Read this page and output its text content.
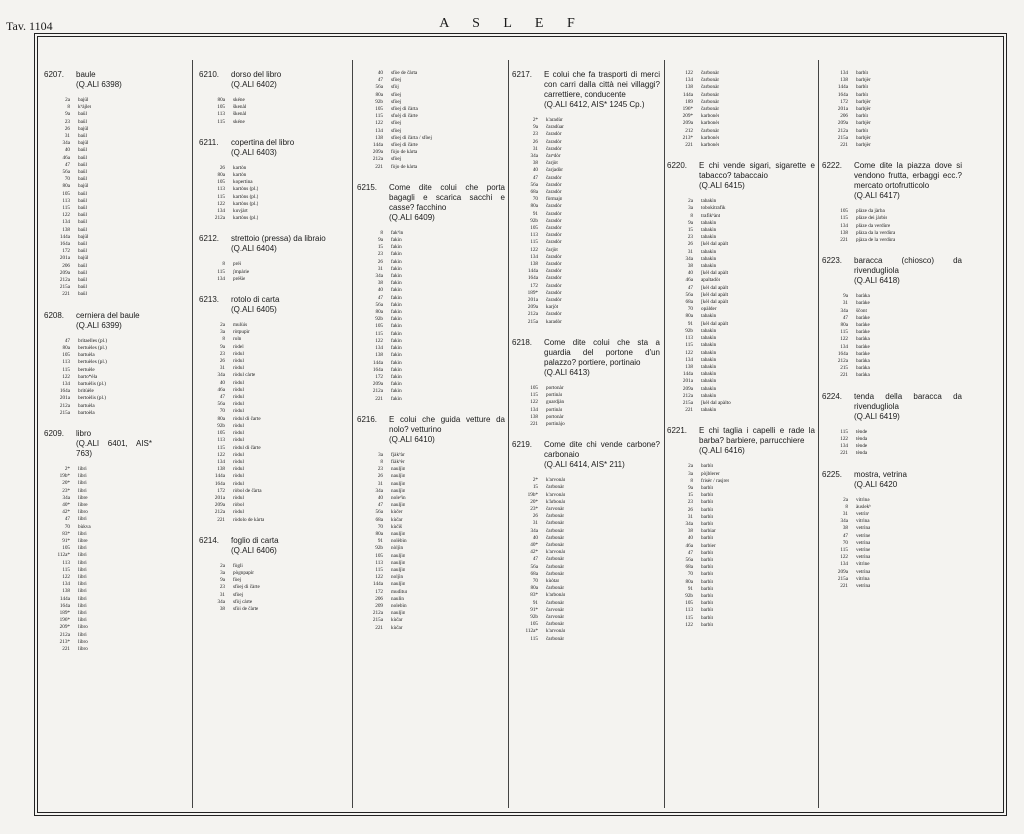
Tav. 1104	A S L E F
6207.	baule
(Q.ALI 6398)
2a	bajül
8	kᵇàjler
9a	baûl
23	baûl
26	bajül
31	baûl
34a	bajül
40	baûl
46a	baûl
47	baûl
56a	baûl
70	baûl
80a	bajül
105	baûl
113	baûl
115	baûl
122	baûl
134	baûl
138	baûl
144a	bajül
164a	baûl
172	baûl
201a	bajül
206	baûl
209a	baûl
212a	baûl
215a	baûl
221	baûl
6208.	cerniera del baule
(Q.ALI 6399)
47	britaelles (pl.)
80a	bertuèles (pl.)
105	bartuèla
113	bertuèles (pl.)
115	bertuèle
122	barto*èla
134	bartuèlis (pl.)
164a	britùèle
201a	bertoèlis (pl.)
212a	bartuèla
215a	bartoèla
6209.	libro
(Q.ALI 6401, AIS* 763)
2*	libri
19b*	libri
20*	libri
23*	libri
34a	libre
40*	libre
42*	libro
47	libri
70	bùkva
83*	libri
91*	libre
105	libri
112a*	libri
113	libri
115	libri
122	libri
134	libri
138	libri
144a	libri
164a	libri
189*	libri
196*	libri
209*	libro
212a	libri
213*	libro
221	libro
6210.	dorso del libro
(Q.ALI 6402)
80a	skéne
105	škenàl
113	škenàl
115	skéne
6211.	copertina del libro
(Q.ALI 6403)
26	kartòn
80a	kartòn
105	kopertina
113	kartòns (pl.)
115	kartòns (pl.)
122	kartòns (pl.)
134	kuvjàrt
212a	kartòns (pl.)
6212.	strettoio (pressa) da libraio
(Q.ALI 6404)
8	préi
115	ʃmpàrie
134	préšie
6213.	rotolo di carta
(Q.ALI 6405)
2a	mulùis
3a	ròtpupìr
8	roln
9a	ròdel
23	ròdul
26	ròdul
31	ròdul
34a	ròdul càrte
40	ròdul
46a	ròdul
47	ròdul
56a	ròdul
70	ròdul
80a	ròdul di čarte
92b	ròdul
105	ròdul
113	ròdul
115	ròdul di čàrte
122	ròdul
134	ròdul
138	ròdul
144a	ròdul
164a	ròdul
172	ròbol de čàrta
201a	ròdul
209a	ròbol
212a	ròdul
221	ròdolo de kàrta
6214.	foglio di carta
(Q.ALI 6406)
2a	fògli
3a	pògnpapìr
9a	fòej
23	sfòej di čàrte
31	sfòej
34a	sfòj càrte
38	sfòi de čàrte
40	sfòe de čàrta
47	sfòej
56a	sfòj
80a	sfòej
92b	sfòej
105	sfòej di čàrta
115	sfuèj di čàrte
122	sfòej
134	sfòej
138	sfòej di čàrta / sfòej
144a	sfòej di čàrte
209a	fòjo de kàrta
212a	sfòej
221	fòjo de kàrta
6215.	Come dite colui che porta bagagli e scarica sacchi e casse? facchino
(Q.ALI 6409)
8	fakᵇìn
9a	fakìn
15	fakìn
23	fakìn
26	fakìn
31	fakìn
34a	fakìn
38	fakìn
40	fakìn
47	fakìn
56a	fakìn
80a	fakìn
92b	fakìn
105	fakìn
115	fakìn
122	fakìn
134	fakìn
138	fakìn
144a	fakìn
164a	fakìn
172	fakìn
209a	fakìn
212a	fakìn
221	fakìn
6216.	E colui che guida vetture da nolo? vetturino
(Q.ALI 6410)
3a	fjàkᵇàr
8	fiàkᵇèr
23	nauljìn
26	nauljìn
31	nauljìn
34a	nauljìn
40	noleᵈìn
47	nauljìn
56a	kùčer
68a	kùčar
70	kùčiš
80a	nauljìn
91	nolèbìn
92b	nòljìn
105	nauljìn
113	nauljìn
115	nauljìn
122	noljìn
144a	nauljìn
172	mudìtur
206	naulìn
209	nolebìn
212a	nauljìn
215a	kùčar
221	kùčar
6217.	E colui che fa trasporti di merci con carri dalla città nei villaggi? carrettiere, conducente
(Q.ALI 6412, AIS* 1245 Cp.)
2*	k'aradùr
9a	čaradùar
23	čaradòr
26	čaradòr
31	čaradòr
34a	čarᵉdòr
38	čarjòt
40	čarjadòr
47	čaradòr
56a	čaradòr
68a	čaradòr
70	fòrmajn
80a	čaradòr
91	čaradòr
92b	čaradòr
105	čaradòr
113	čaradòr
115	čaradòr
122	čarjòt
134	čaradòr
138	čaradòr
144a	čaradòr
164a	čaradòr
172	čaradòr
189*	čaradòr
201a	čaradòr
209a	karjòt
212a	čaradòr
215a	karadòr
6218.	Come dite colui che sta a guardia del portone d'un palazzo? portiere, portinaio
(Q.ALI 6413)
105	portonàr
115	portinàr
122	guardjàn
134	portinàr
138	portonàr
221	portinàjo
6219.	Come dite chi vende carbone? carbonaio
(Q.ALI 6414, AIS* 211)
2*	k'arvonàr
15	čarbonàr
19b*	k'arvonàr
20*	k'àrbonàr
23*	čarvonàr
26	čarbonàr
31	čarbonàr
34a	čarbonàr
40	čarbonàr
40*	čarbonàr
42*	k'arvonàr
47	čarbonàr
56a	čarbonàr
68a	čarbonàr
70	kùòtar
80a	čarbonàr
83*	k'arbonàr
91	čarbonàr
91*	čarvonàr
92b	čarvonàr
105	čarbonàr
112a*	k'arvonàr
115	čarbonàr
122	čarbonàr
134	čarbonàr
138	čarbonàr
144a	čarbonàr
189	čarbonàr
196*	čarbonàr
209*	karbonèr
209a	karbonèr
212	čarbonàr
213*	karbonèr
221	karbonèr
6220.	E chi vende sigari, sigarette e tabacco? tabaccaio
(Q.ALI 6415)
2a	tabakìn
3a	tobokìtrafìk
8	trafìkᵇànt
9a	tabakìn
15	tabakìn
23	tabakìn
26	[kèl dal apàlt
31	tabakìn
34a	tabakìn
38	tabakìn
40	[kèl dal apàlt
46a	apaltadòr
47	[kèl dal apàlt
56a	[kèl dal apàlt
68a	[kèl dal apàlt
70	opàlder
80a	tabakìn
91	[kèl dal apàlt
92b	tabakìn
113	tabakìn
115	tabakìn
122	tabakìn
134	tabakìn
138	tabakìn
144a	tabakìn
201a	tabakìn
209a	tabakìn
212a	tabakìn
215a	[kèl dal apàlto
221	tabakìn
6221.	E chi taglia i capelli e rade la barba? barbiere, parrucchiere
(Q.ALI 6416)
2a	barbìr
3a	pòjblerer
8	frisèr / rasjrer
9a	barbìr
15	barbìr
23	barbìr
26	barbìr
31	barbìr
34a	barbìr
38	barbiar
40	barbìr
46a	barbier
47	barbìr
56a	barbìr
68a	barbìr
70	barbìr
80a	barbìr
91	barbìr
92b	barbìr
105	barbìr
113	barbìr
115	barbìr
122	barbìr
134	barbìr
138	barbjèr
144a	barbìr
164a	barbìr
172	barbjèr
201a	barbjèr
206	barbìr
209a	barbjèr
212a	barbìr
215a	barbjèr
221	barbjèr
6222.	Come dite la piazza dove si vendono frutta, erbaggi ecc.? mercato ortofrutticolo
(Q.ALI 6417)
105	plàze da jàrba
115	plàze dei jàrbis
134	plàze da verdùre
138	plàza da la verdùra
221	pjàza de la verdùra
6223.	baracca (chiosco) da rivendugliola
(Q.ALI 6418)
9a	baràka
31	baràke
34a	ščont
47	baràke
80a	baràke
115	baràke
122	baràka
134	baràke
164a	baràke
212a	baràka
215	baràka
221	baràka
6224.	tenda della baracca da rivendugliola
(Q.ALI 6419)
115	tènde
122	tènda
134	tènde
221	tènda
6225.	mostra, vetrina
(Q.ALI 6420
2a	vitrìnə
8	àuslekᵏ
31	vetrìnᵉ
34a	vitrìna
38	vetrìna
47	vetrìne
70	vetrìna
115	vetrìne
122	vetrìna
134	vitrìne
209a	vetrìna
215a	vitrìna
221	vetrìna
